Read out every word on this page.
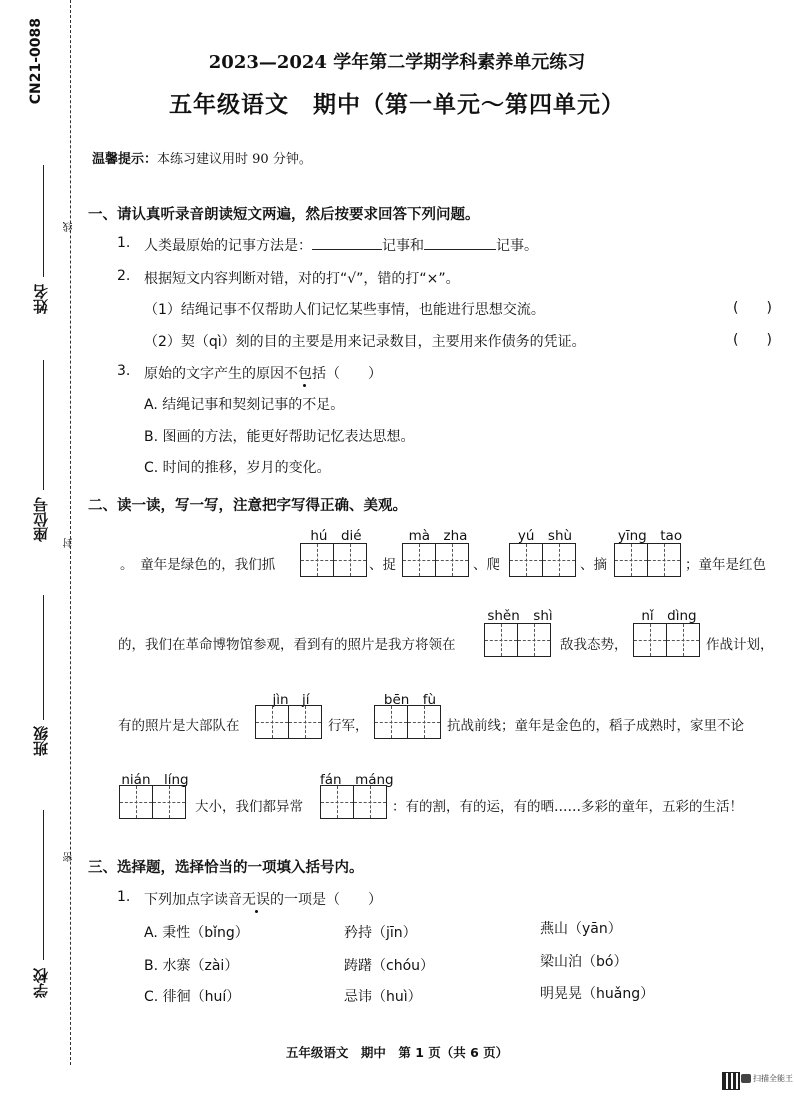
CN21-0088
姓名
座位号
班级
学校
线
封
密
2023—2024 学年第二学期学科素养单元练习
五年级语文　期中（第一单元～第四单元）
温馨提示：本练习建议用时 90 分钟。
一、请认真听录音朗读短文两遍，然后按要求回答下列问题。
1. 人类最原始的记事方法是：	记事和	记事。
2. 根据短文内容判断对错，对的打“√”，错的打“×”。
（1）结绳记事不仅帮助人们记忆某些事情，也能进行思想交流。	(　　)
（2）契（qì）刻的目的主要是用来记录数目，主要用来作债务的凭证。	(　　)
3. 原始的文字产生的原因不包括（　　）
A. 结绳记事和契刻记事的不足。
B. 图画的方法，能更好帮助记忆表达思想。
C. 时间的推移，岁月的变化。
二、读一读，写一写，注意把字写得正确、美观。
hú　dié	mà　zha	yú　shù	yīng　tao
。　童年是绿色的，我们抓	、捉	、爬	、摘	；童年是红色
shěn　shì	nǐ　dìng
的，我们在革命博物馆参观，看到有的照片是我方将领在	敌我态势，	作战计划，
jìn　jí	bēn　fù
有的照片是大部队在	行军，	抗战前线；童年是金色的，稻子成熟时，家里不论
nián　líng	fán　máng
大小，我们都异常	：有的割，有的运，有的晒……多彩的童年，五彩的生活！
三、选择题，选择恰当的一项填入括号内。
1. 下列加点字读音无误的一项是（　　）
A. 秉性（bǐng）	矜持（jīn）	燕山（yān）
B. 水寨（zài）	踌躇（chóu）	梁山泊（bó）
C. 徘徊（huí）	忌讳（huì）	明晃晃（huǎng）
五年级语文　期中　第 1 页（共 6 页）
扫描全能王
